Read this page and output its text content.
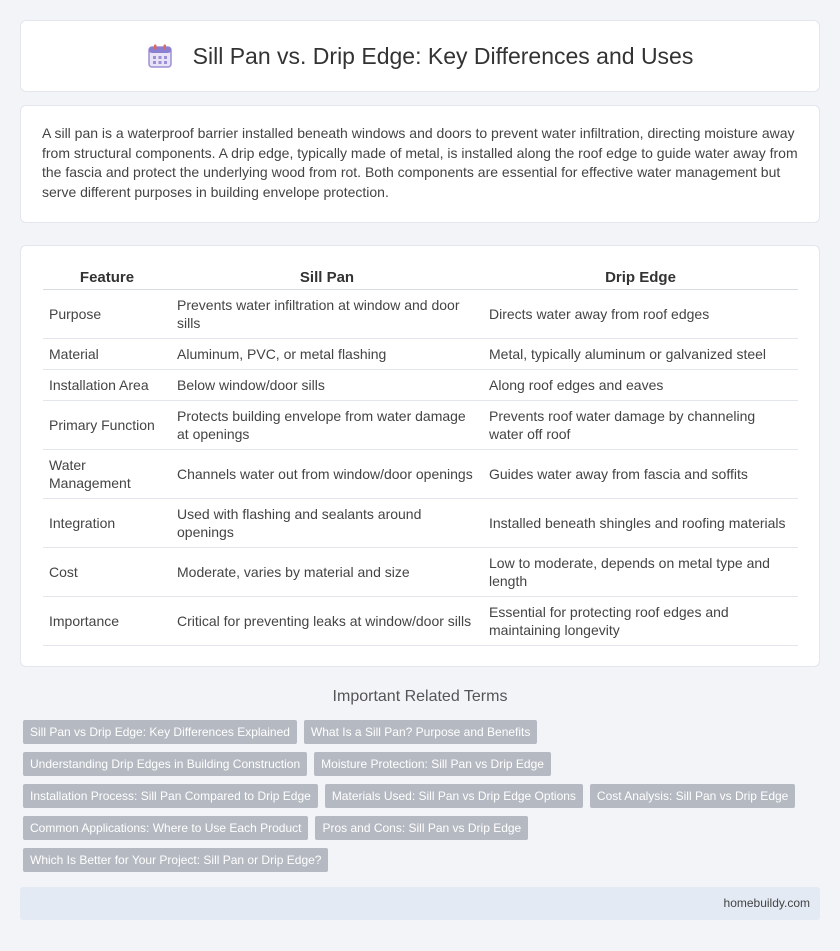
Sill Pan vs. Drip Edge: Key Differences and Uses

A sill pan is a waterproof barrier installed beneath windows and doors to prevent water infiltration, directing moisture away from structural components. A drip edge, typically made of metal, is installed along the roof edge to guide water away from the fascia and protect the underlying wood from rot. Both components are essential for effective water management but serve different purposes in building envelope protection.

Feature	Sill Pan	Drip Edge
Purpose	Prevents water infiltration at window and door sills	Directs water away from roof edges
Material	Aluminum, PVC, or metal flashing	Metal, typically aluminum or galvanized steel
Installation Area	Below window/door sills	Along roof edges and eaves
Primary Function	Protects building envelope from water damage at openings	Prevents roof water damage by channeling water off roof
Water Management	Channels water out from window/door openings	Guides water away from fascia and soffits
Integration	Used with flashing and sealants around openings	Installed beneath shingles and roofing materials
Cost	Moderate, varies by material and size	Low to moderate, depends on metal type and length
Importance	Critical for preventing leaks at window/door sills	Essential for protecting roof edges and maintaining longevity
Important Related Terms
Sill Pan vs Drip Edge: Key Differences Explained	What Is a Sill Pan? Purpose and Benefits
Understanding Drip Edges in Building Construction	Moisture Protection: Sill Pan vs Drip Edge
Installation Process: Sill Pan Compared to Drip Edge	Materials Used: Sill Pan vs Drip Edge Options	Cost Analysis: Sill Pan vs Drip Edge
Common Applications: Where to Use Each Product	Pros and Cons: Sill Pan vs Drip Edge
Which Is Better for Your Project: Sill Pan or Drip Edge?
homebuildy.com
